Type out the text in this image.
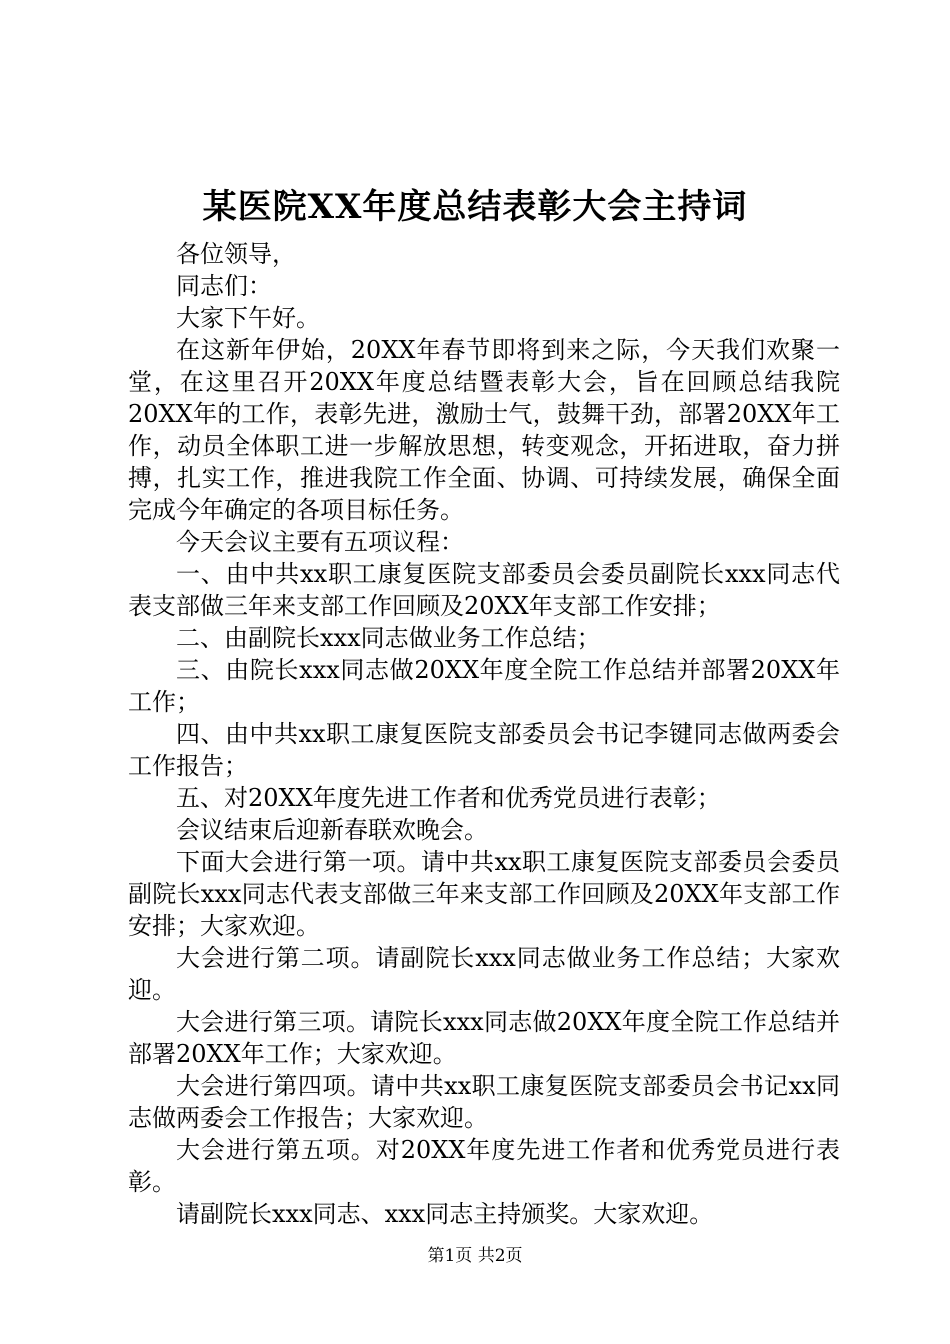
某医院XX年度总结表彰大会主持词

各位领导，

同志们：

大家下午好。

在这新年伊始，20XX年春节即将到来之际，今天我们欢聚一堂，在这里召开20XX年度总结暨表彰大会，旨在回顾总结我院20XX年的工作，表彰先进，激励士气，鼓舞干劲，部署20XX年工作，动员全体职工进一步解放思想，转变观念，开拓进取，奋力拼搏，扎实工作，推进我院工作全面、协调、可持续发展，确保全面完成今年确定的各项目标任务。

今天会议主要有五项议程：

一、由中共xx职工康复医院支部委员会委员副院长xxx同志代表支部做三年来支部工作回顾及20XX年支部工作安排；

二、由副院长xxx同志做业务工作总结；

三、由院长xxx同志做20XX年度全院工作总结并部署20XX年工作；

四、由中共xx职工康复医院支部委员会书记李键同志做两委会工作报告；

五、对20XX年度先进工作者和优秀党员进行表彰；

会议结束后迎新春联欢晚会。

下面大会进行第一项。请中共xx职工康复医院支部委员会委员副院长xxx同志代表支部做三年来支部工作回顾及20XX年支部工作安排；大家欢迎。

大会进行第二项。请副院长xxx同志做业务工作总结；大家欢迎。

大会进行第三项。请院长xxx同志做20XX年度全院工作总结并部署20XX年工作；大家欢迎。

大会进行第四项。请中共xx职工康复医院支部委员会书记xx同志做两委会工作报告；大家欢迎。

大会进行第五项。对20XX年度先进工作者和优秀党员进行表彰。

请副院长xxx同志、xxx同志主持颁奖。大家欢迎。

第1页 共2页
